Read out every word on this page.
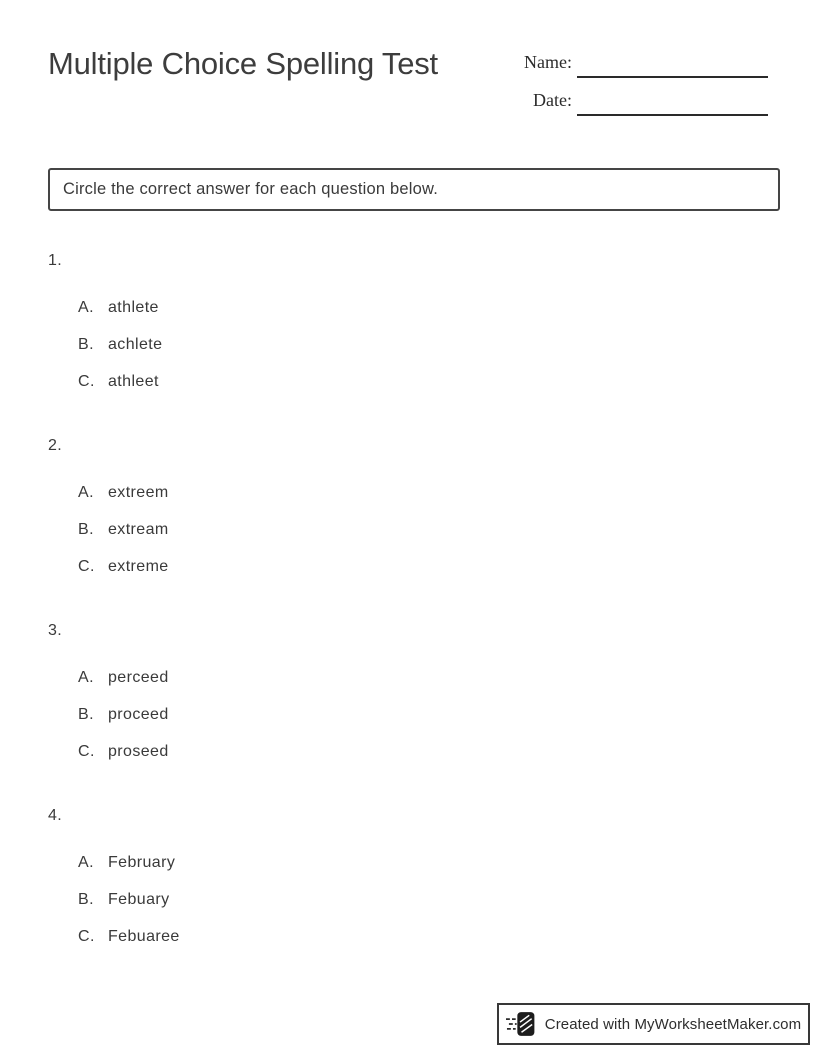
Multiple Choice Spelling Test	Name:
Date:
Circle the correct answer for each question below.
1.
A. athlete
B. achlete
C. athleet
2.
A. extreem
B. extream
C. extreme
3.
A. perceed
B. proceed
C. proseed
4.
A. February
B. Febuary
C. Febuaree
Created with MyWorksheetMaker.com
